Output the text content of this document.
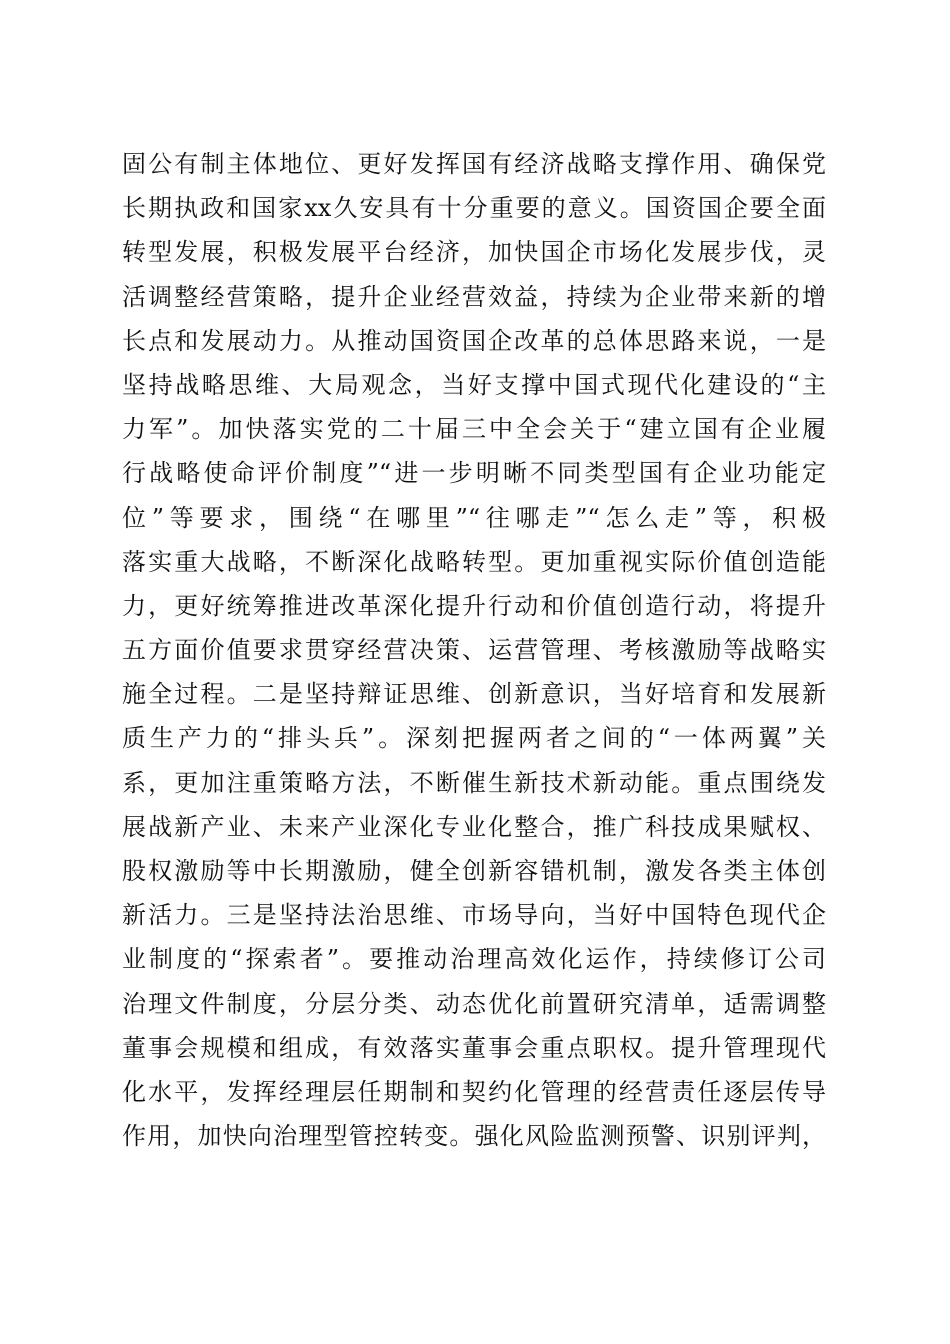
固公有制主体地位、更好发挥国有经济战略支撑作用、确保党
长期执政和国家xx久安具有十分重要的意义。国资国企要全面
转型发展，积极发展平台经济，加快国企市场化发展步伐，灵
活调整经营策略，提升企业经营效益，持续为企业带来新的增
长点和发展动力。从推动国资国企改革的总体思路来说，一是
坚持战略思维、大局观念，当好支撑中国式现代化建设的“主
力军”。加快落实党的二十届三中全会关于“建立国有企业履
行战略使命评价制度”“进一步明晰不同类型国有企业功能定
位”等要求，围绕“在哪里”“往哪走”“怎么走”等，积极
落实重大战略，不断深化战略转型。更加重视实际价值创造能
力，更好统筹推进改革深化提升行动和价值创造行动，将提升
五方面价值要求贯穿经营决策、运营管理、考核激励等战略实
施全过程。二是坚持辩证思维、创新意识，当好培育和发展新
质生产力的“排头兵”。深刻把握两者之间的“一体两翼”关
系，更加注重策略方法，不断催生新技术新动能。重点围绕发
展战新产业、未来产业深化专业化整合，推广科技成果赋权、
股权激励等中长期激励，健全创新容错机制，激发各类主体创
新活力。三是坚持法治思维、市场导向，当好中国特色现代企
业制度的“探索者”。要推动治理高效化运作，持续修订公司
治理文件制度，分层分类、动态优化前置研究清单，适需调整
董事会规模和组成，有效落实董事会重点职权。提升管理现代
化水平，发挥经理层任期制和契约化管理的经营责任逐层传导
作用，加快向治理型管控转变。强化风险监测预警、识别评判，
